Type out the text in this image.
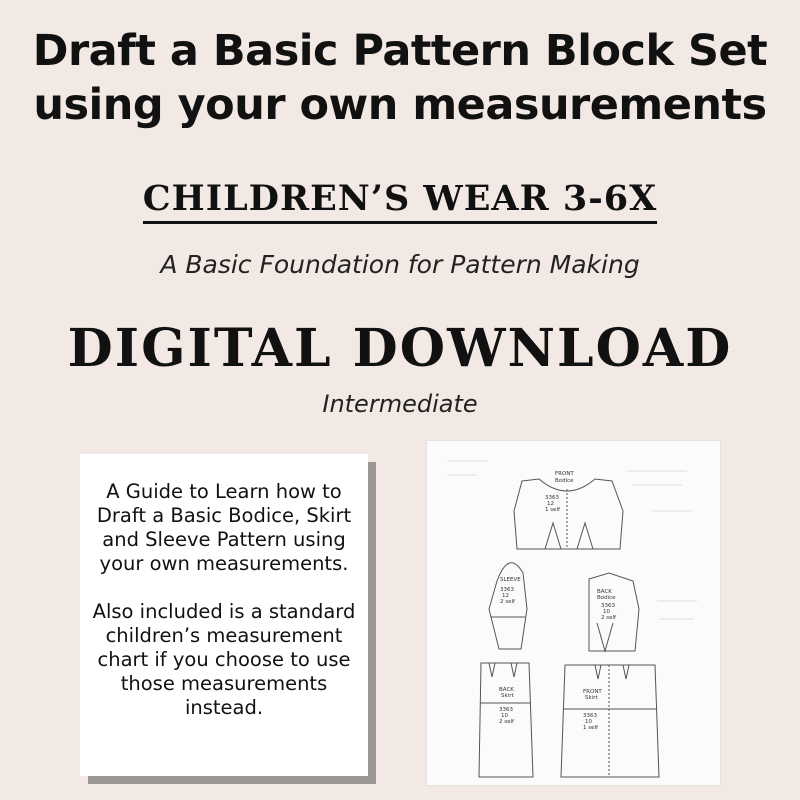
Draft a Basic Pattern Block Set
using your own measurements
CHILDREN’S WEAR 3-6X
A Basic Foundation for Pattern Making
DIGITAL DOWNLOAD
Intermediate

A Guide to Learn how to Draft a Basic Bodice, Skirt and Sleeve Pattern using your own measurements.

Also included is a standard children’s measurement chart if you choose to use those measurements instead.

FRONT
Bodice
3363
12
1 self
SLEEVE
3363
12
2 self
BACK
Bodice
3363
10
2 self
BACK
Skirt
3363
10
2 self
FRONT
Skirt
3363
10
1 self
